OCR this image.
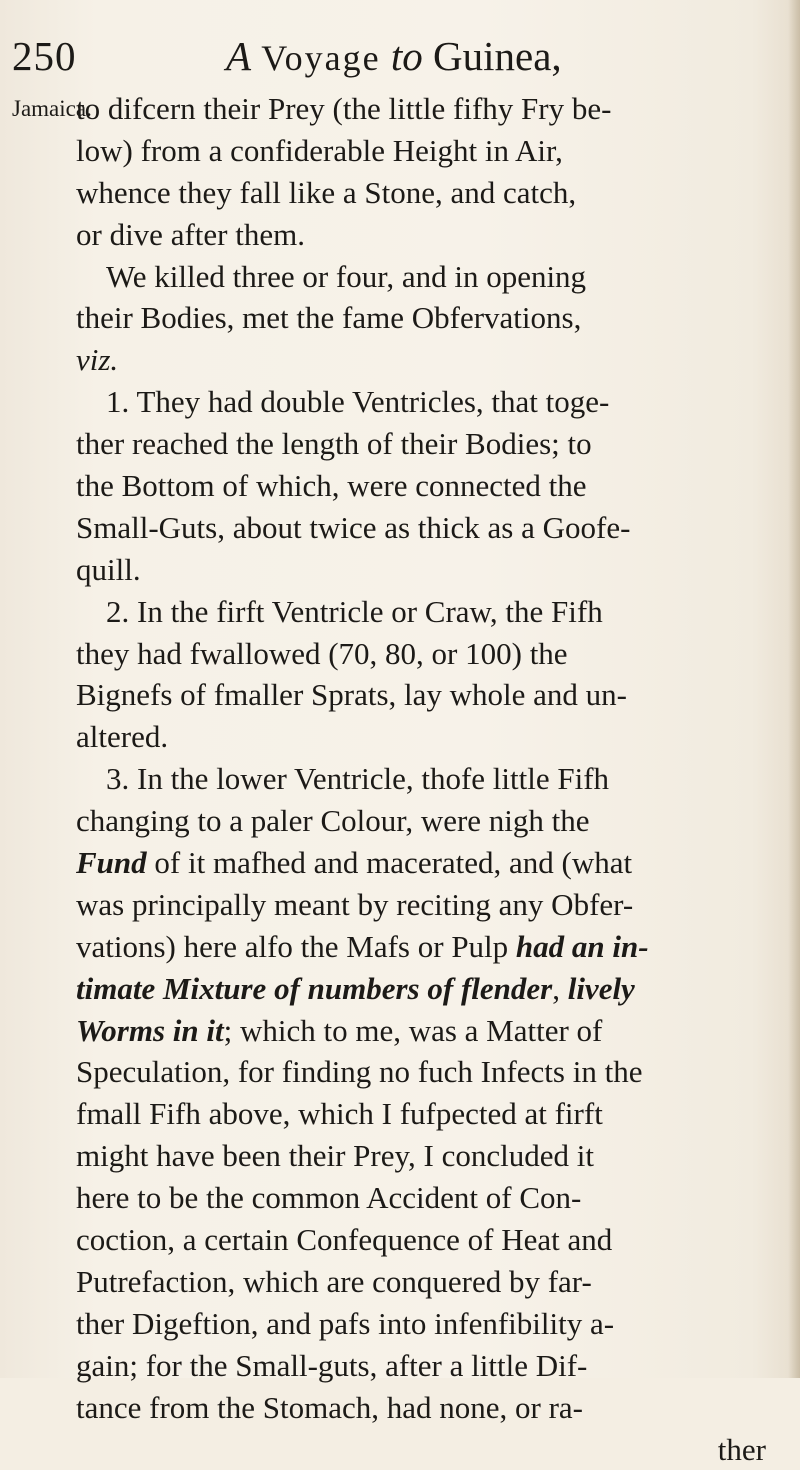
250	A Voyage to Guinea,
Jamaica.
to difcern their Prey (the little fifhy Fry be-
low) from a confiderable Height in Air,
whence they fall like a Stone, and catch,
or dive after them.
We killed three or four, and in opening
their Bodies, met the fame Obfervations,
viz.
1. They had double Ventricles, that toge-
ther reached the length of their Bodies; to
the Bottom of which, were connected the
Small-Guts, about twice as thick as a Goofe-
quill.
2. In the firft Ventricle or Craw, the Fifh
they had fwallowed (70, 80, or 100) the
Bignefs of fmaller Sprats, lay whole and un-
altered.
3. In the lower Ventricle, thofe little Fifh
changing to a paler Colour, were nigh the
Fund of it mafhed and macerated, and (what
was principally meant by reciting any Obfer-
vations) here alfo the Mafs or Pulp had an in-
timate Mixture of numbers of flender, lively
Worms in it; which to me, was a Matter of
Speculation, for finding no fuch Infects in the
fmall Fifh above, which I fufpected at firft
might have been their Prey, I concluded it
here to be the common Accident of Con-
coction, a certain Confequence of Heat and
Putrefaction, which are conquered by far-
ther Digeftion, and pafs into infenfibility a-
gain; for the Small-guts, after a little Dif-
tance from the Stomach, had none, or ra-
ther
